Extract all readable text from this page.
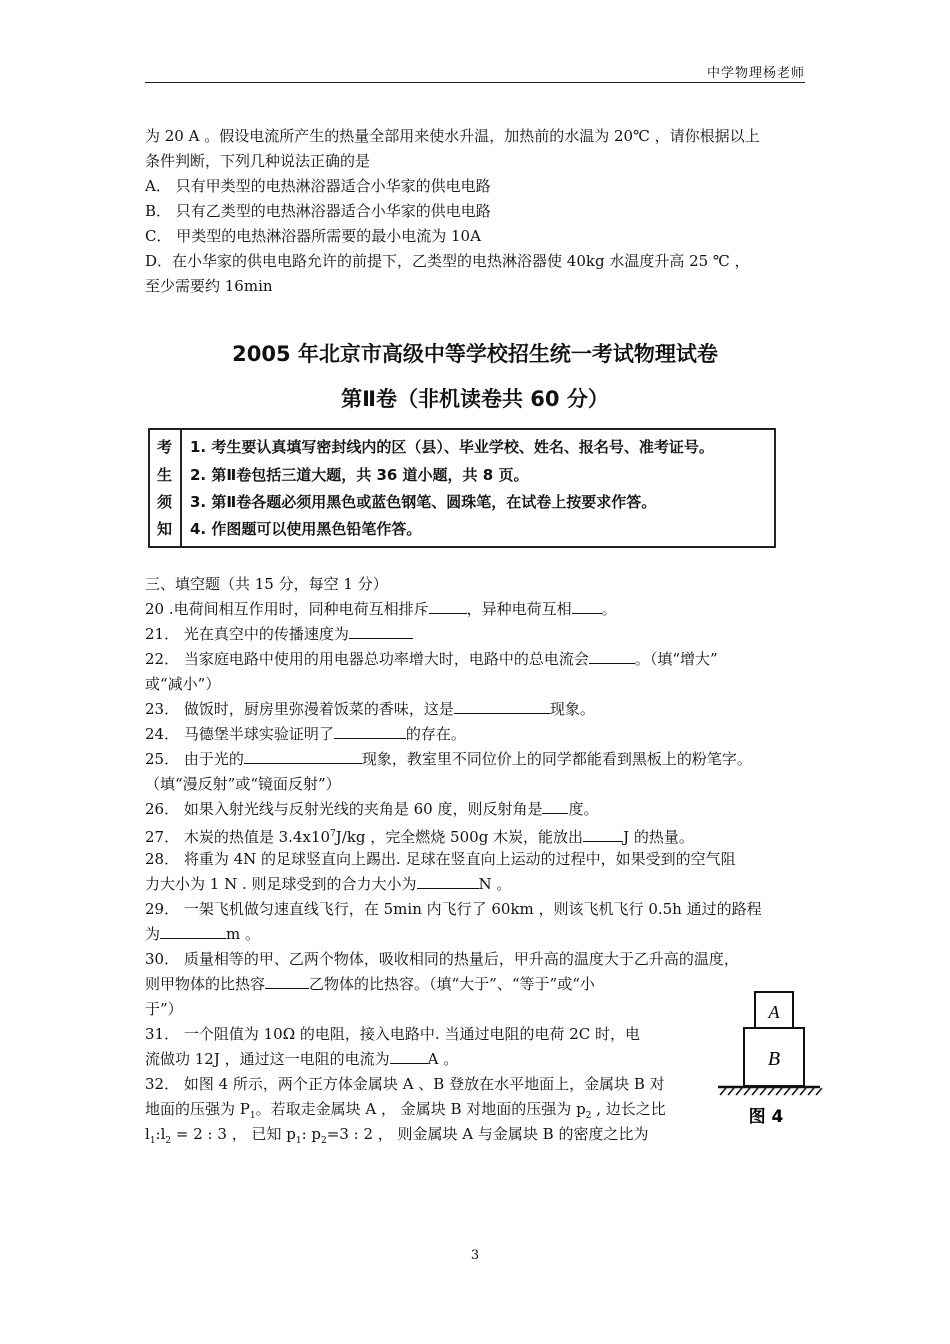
中学物理杨老师
为 20 A 。假设电流所产生的热量全部用来使水升温，加热前的水温为 20℃ ，请你根据以上
条件判断，下列几种说法正确的是
A． 只有甲类型的电热淋浴器适合小华家的供电电路
B． 只有乙类型的电热淋浴器适合小华家的供电电路
C． 甲类型的电热淋浴器所需要的最小电流为 10A
D．在小华家的供电电路允许的前提下，乙类型的电热淋浴器使 40kg 水温度升高 25 ℃ ，
至少需要约 16min
2005 年北京市高级中等学校招生统一考试物理试卷
第Ⅱ卷（非机读卷共 60 分）
考
生
须
知
1. 考生要认真填写密封线内的区（县）、毕业学校、姓名、报名号、准考证号。
2. 第Ⅱ卷包括三道大题，共 36 道小题，共 8 页。
3. 第Ⅱ卷各题必须用黑色或蓝色钢笔、圆珠笔，在试卷上按要求作答。
4. 作图题可以使用黑色铅笔作答。
三、填空题（共 15 分，每空 1 分）
20 .电荷间相互作用时，同种电荷互相排斥	，异种电荷互相 。
21． 光在真空中的传播速度为
22． 当家庭电路中使用的用电器总功率增大时，电路中的总电流会	。（填“增大”
或“减小”）
23． 做饭时，厨房里弥漫着饭菜的香味，这是	现象。
24． 马德堡半球实验证明了	的存在。
25． 由于光的	现象，教室里不同位价上的同学都能看到黑板上的粉笔字。
（填“漫反射”或“镜面反射”）
26． 如果入射光线与反射光线的夹角是 60 度，则反射角是 度。
27． 木炭的热值是 $3.4x10^7J/kg$ ，完全燃烧 500g 木炭，能放出	J 的热量。
28． 将重为 4N 的足球竖直向上踢出. 足球在竖直向上运动的过程中，如果受到的空气阻
力大小为 1 N . 则足球受到的合力大小为	N 。
29． 一架飞机做匀速直线飞行，在 5min 内飞行了 60km ，则该飞机飞行 0.5h 通过的路程
为	m 。
30． 质量相等的甲、乙两个物体，吸收相同的热量后，甲升高的温度大于乙升高的温度，
则甲物体的比热容	乙物体的比热容。（填“大于”、“等于”或“小
于”）
31． 一个阻值为 10Ω 的电阻，接入电路中. 当通过电阻的电荷 2C 时，电
流做功 12J ，通过这一电阻的电流为	A 。
32． 如图 4 所示，两个正方体金属块 A 、B 登放在水平地面上，金属块 B 对
地面的压强为 $P_1$。若取走金属块 A ， 金属块 B 对地面的压强为 $p_2$ , 边长之比
$l_1:l_2 = 2$ : 3 ， 已知 $p_1$: $p_2=3$ : 2 ， 则金属块 A 与金属块 B 的密度之比为
A
B
图 4
3
